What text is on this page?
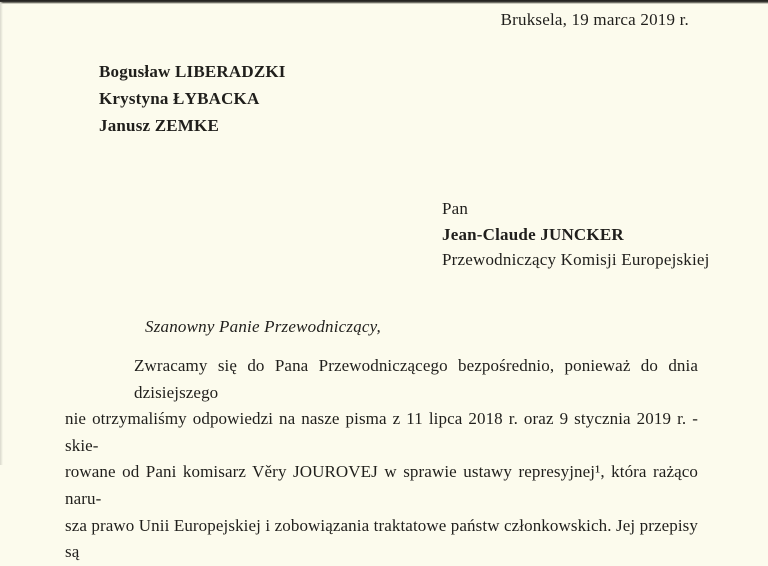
Bruksela, 19 marca 2019 r.
Bogusław LIBERADZKI
Krystyna ŁYBACKA
Janusz ZEMKE
Pan
Jean-Claude JUNCKER
Przewodniczący Komisji Europejskiej
Szanowny Panie Przewodniczący,
Zwracamy się do Pana Przewodniczącego bezpośrednio, ponieważ do dnia dzisiejszego
nie otrzymaliśmy odpowiedzi na nasze pisma z 11 lipca 2018 r. oraz 9 stycznia 2019 r. - skie-
rowane od Pani komisarz Věry JOUROVEJ w sprawie ustawy represyjnej¹, która rażąco naru-
sza prawo Unii Europejskiej i zobowiązania traktatowe państw członkowskich. Jej przepisy są
